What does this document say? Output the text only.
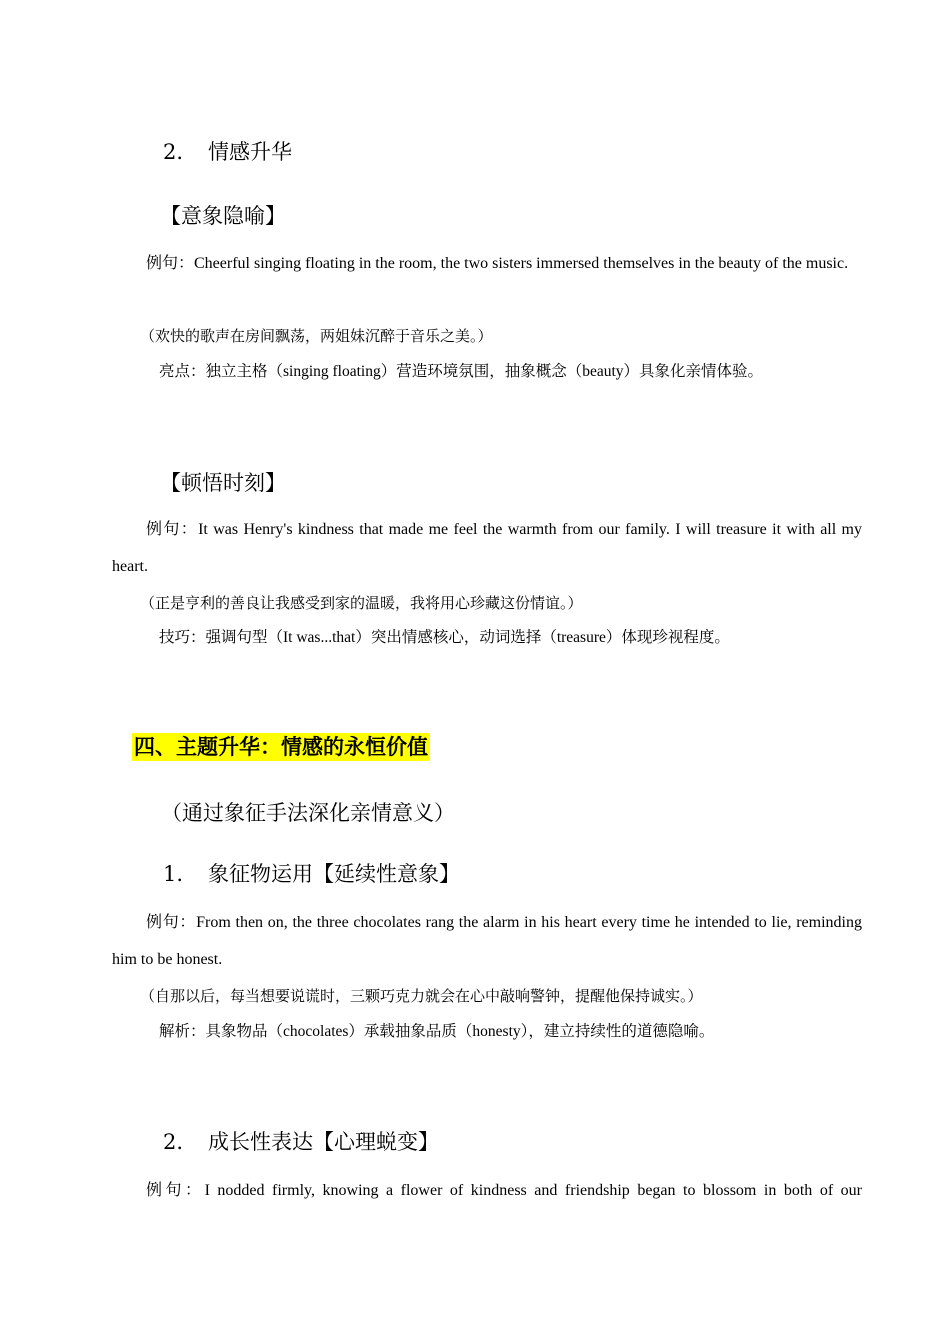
2. 情感升华
【意象隐喻】
例句：Cheerful singing floating in the room, the two sisters immersed themselves in the beauty of the music.
（欢快的歌声在房间飘荡，两姐妹沉醉于音乐之美。）
亮点：独立主格（singing floating）营造环境氛围，抽象概念（beauty）具象化亲情体验。
【顿悟时刻】
例句：It was Henry's kindness that made me feel the warmth from our family. I will treasure it with all my heart.
（正是亨利的善良让我感受到家的温暖，我将用心珍藏这份情谊。）
技巧：强调句型（It was...that）突出情感核心，动词选择（treasure）体现珍视程度。
四、主题升华：情感的永恒价值
（通过象征手法深化亲情意义）
1. 象征物运用【延续性意象】
例句：From then on, the three chocolates rang the alarm in his heart every time he intended to lie, reminding him to be honest.
（自那以后，每当想要说谎时，三颗巧克力就会在心中敲响警钟，提醒他保持诚实。）
解析：具象物品（chocolates）承载抽象品质（honesty），建立持续性的道德隐喻。
2. 成长性表达【心理蜕变】
例句：I nodded firmly, knowing a flower of kindness and friendship began to blossom in both of our
